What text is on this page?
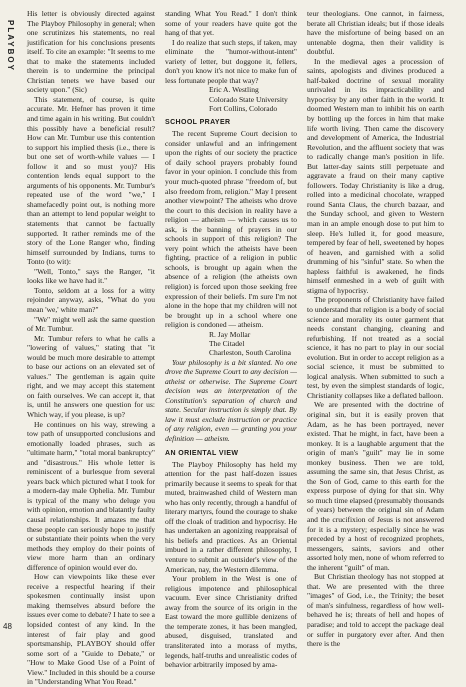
PLAYBOY
48

His letter is obviously directed against The Playboy Philosophy in general; when one scrutinizes his statements, no real justification for his conclusions presents itself. To cite an example: "It seems to me that to make the statements included therein is to undermine the principal Christian tenets we have based our society upon." (Sic)

This statement, of course, is quite accurate. Mr. Hefner has proven it time and time again in his writing. But couldn't this possibly have a beneficial result? How can Mr. Tumbur use this contention to support his implied thesis (i.e., there is but one set of worth-while values — I follow it and so must you)? His contention lends equal support to the arguments of his opponents. Mr. Tumbur's repeated use of the word "we," I shamefacedly point out, is nothing more than an attempt to lend popular weight to statements that cannot be factually supported. It rather reminds me of the story of the Lone Ranger who, finding himself surrounded by Indians, turns to Tonto (to wit):

"Well, Tonto," says the Ranger, "it looks like we have had it."

Tonto, seldom at a loss for a witty rejoinder anyway, asks, "What do you mean 'we,' white man?"

"We" might well ask the same question of Mr. Tumbur.

Mr. Tumbur refers to what he calls a "lowering of values," stating that "it would be much more desirable to attempt to base our actions on an elevated set of values." The gentleman is again quite right, and we may accept this statement on faith ourselves. We can accept it, that is, until he answers one question for us: Which way, if you please, is up?

He continues on his way, strewing a tow path of unsupported conclusions and emotionally loaded phrases, such as "ultimate harm," "total moral bankruptcy" and "disastrous." His whole letter is reminiscent of a burlesque from several years back which pictured what I took for a modern-day male Ophelia. Mr. Tumbur is typical of the many who deluge you with opinion, emotion and blatantly faulty causal relationships. It amazes me that these people can seriously hope to justify or substantiate their points when the very methods they employ do their points of view more harm than an ordinary difference of opinion would ever do.

How can viewpoints like these ever receive a respectful hearing if their spokesmen continually insist upon making themselves absurd before the issues ever come to debate? I hate to see a lopsided contest of any kind. In the interest of fair play and good sportsmanship, PLAYBOY should offer some sort of a "Guide to Debate," or "How to Make Good Use of a Point of View." Included in this should be a course in "Understanding What You Read."

standing What You Read." I don't think some of your readers have quite got the hang of that yet.

I do realize that such steps, if taken, may eliminate the "humor-without-intent" variety of letter, but doggone it, fellers, don't you know it's not nice to make fun of less fortunate people that way?

Eric A. Westling

Colorado State University

Fort Collins, Colorado

SCHOOL PRAYER

The recent Supreme Court decision to consider unlawful and an infringement upon the rights of our society the practice of daily school prayers probably found favor in your opinion. I conclude this from your much-quoted phrase "freedom of, but also freedom from, religion." May I present another viewpoint? The atheists who drove the court to this decision in reality have a religion — atheism — which causes us to ask, is the banning of prayers in our schools in support of this religion? The very point which the atheists have been fighting, practice of a religion in public schools, is brought up again when the absence of a religion (the atheists own religion) is forced upon those seeking free expression of their beliefs. I'm sure I'm not alone in the hope that my children will not be brought up in a school where one religion is condoned — atheism.

R. Jay Mollar

The Citadel

Charleston, South Carolina

Your philosophy is a bit slanted. No one drove the Supreme Court to any decision — atheist or otherwise. The Supreme Court decision was an interpretation of the Constitution's separation of church and state. Secular instruction is simply that. By law it must exclude instruction or practice of any religion, even — granting you your definition — atheism.

AN ORIENTAL VIEW

The Playboy Philosophy has held my attention for the past half-dozen issues primarily because it seems to speak for that muted, brainwashed child of Western man who has only recently, through a handful of literary martyrs, found the courage to shake off the cloak of tradition and hypocrisy. He has undertaken an agonizing reappraisal of his beliefs and practices. As an Oriental imbued in a rather different philosophy, I venture to submit an outsider's view of the American, nay, the Western dilemma.

Your problem in the West is one of religious impotence and philosophical vacuum. Ever since Christianity drifted away from the source of its origin in the East toward the more gullible denizens of the temperate zones, it has been mangled, abused, disguised, translated and transliterated into a morass of myths, legends, half-truths and unrealistic codes of behavior arbitrarily imposed by ama-

teur theologians. One cannot, in fairness, berate all Christian ideals; but if those ideals have the misfortune of being based on an untenable dogma, then their validity is doubtful.

In the medieval ages a procession of saints, apologists and divines produced a half-baked doctrine of sexual morality unrivaled in its impracticability and hypocrisy by any other faith in the world. It doomed Western man to inhibit his on earth by bottling up the forces in him that make life worth living. Then came the discovery and development of America, the Industrial Revolution, and the affluent society that was to radically change man's position in life. But latter-day saints still perpetuate and aggravate a fraud on their many captive followers. Today Christianity is like a drug, rolled into a medicinal chocolate, wrapped round Santa Claus, the church bazaar, and the Sunday school, and given to Western man in an ample enough dose to put him to sleep. He's lulled it, for good measure, tempered by fear of hell, sweetened by hopes of heaven, and garnished with a solid drumming of his "sinful" state. So when the hapless faithful is awakened, he finds himself enmeshed in a web of guilt with stigma of hypocrisy.

The proponents of Christianity have failed to understand that religion is a body of social science and morality its outer garment that needs constant changing, cleaning and refurbishing. If not treated as a social science, it has no part to play in our social evolution. But in order to accept religion as a social science, it must be submitted to logical analysis. When submitted to such a test, by even the simplest standards of logic, Christianity collapses like a deflated balloon.

We are presented with the doctrine of original sin, but it is easily proven that Adam, as he has been portrayed, never existed. That he might, in fact, have been a monkey. It is a laughable argument that the origin of man's "guilt" may lie in some monkey business. Then we are told, assuming the same sin, that Jesus Christ, as the Son of God, came to this earth for the express purpose of dying for that sin. Why so much time elapsed (presumably thousands of years) between the original sin of Adam and the crucifixion of Jesus is not answered for it is a mystery; especially since he was preceded by a host of recognized prophets, messengers, saints, saviors and other assorted holy men, none of whom referred to the inherent "guilt" of man.

But Christian theology has not stopped at that. We are presented with the three "images" of God, i.e., the Trinity; the beset of man's sinfulness, regardless of how well-behaved he is; threats of hell and hopes of paradise; and told to accept the package deal or suffer in purgatory ever after. And then there is the
